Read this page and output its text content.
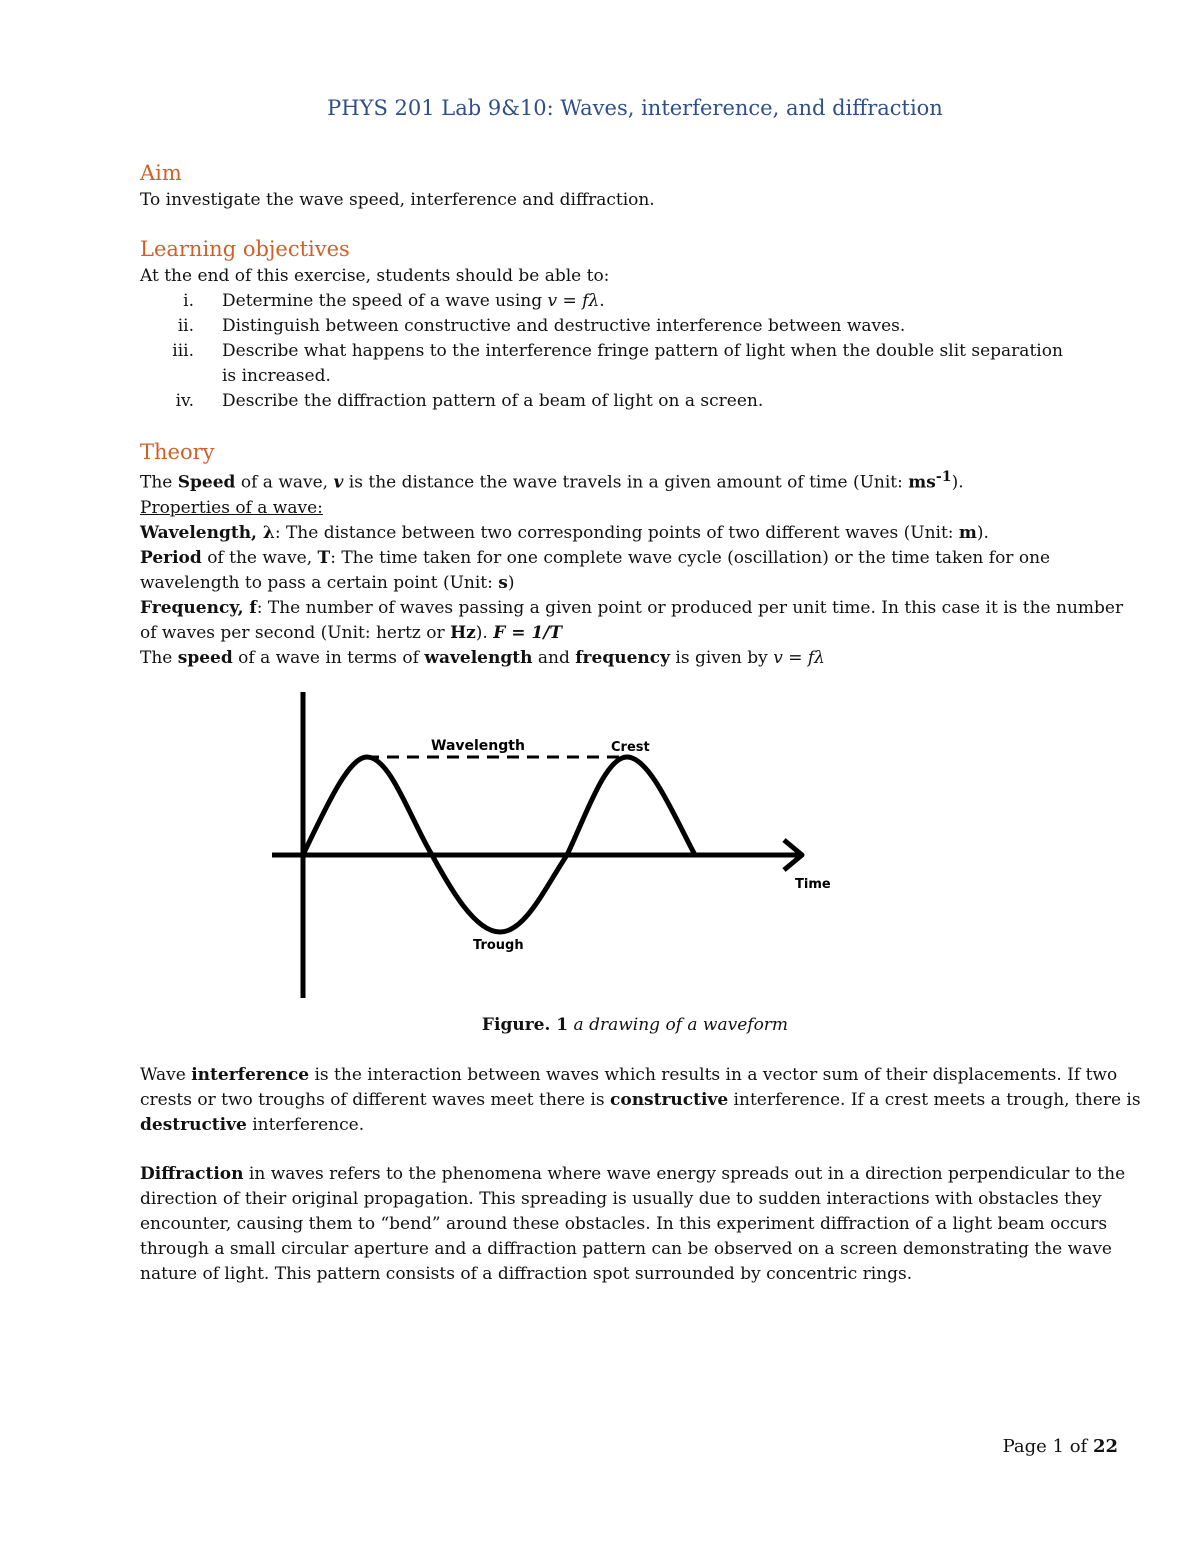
PHYS 201 Lab 9&10: Waves, interference, and diffraction
Aim
To investigate the wave speed, interference and diffraction.
Learning objectives
At the end of this exercise, students should be able to:
i. Determine the speed of a wave using v = fλ.
ii. Distinguish between constructive and destructive interference between waves.
iii. Describe what happens to the interference fringe pattern of light when the double slit separation
is increased.
iv. Describe the diffraction pattern of a beam of light on a screen.
Theory
The Speed of a wave, v is the distance the wave travels in a given amount of time (Unit: $ms^{-1}$).
Properties of a wave:
Wavelength, λ: The distance between two corresponding points of two different waves (Unit: m).
Period of the wave, T: The time taken for one complete wave cycle (oscillation) or the time taken for one
wavelength to pass a certain point (Unit: s)
Frequency, f: The number of waves passing a given point or produced per unit time. In this case it is the number
of waves per second (Unit: hertz or Hz). F = 1/T
The speed of a wave in terms of wavelength and frequency is given by v = fλ
Wavelength	Crest
Trough
Time
Figure. 1 a drawing of a waveform
Wave interference is the interaction between waves which results in a vector sum of their displacements. If two
crests or two troughs of different waves meet there is constructive interference. If a crest meets a trough, there is
destructive interference.
Diffraction in waves refers to the phenomena where wave energy spreads out in a direction perpendicular to the
direction of their original propagation. This spreading is usually due to sudden interactions with obstacles they
encounter, causing them to “bend” around these obstacles. In this experiment diffraction of a light beam occurs
through a small circular aperture and a diffraction pattern can be observed on a screen demonstrating the wave
nature of light. This pattern consists of a diffraction spot surrounded by concentric rings.
Page 1 of 22
